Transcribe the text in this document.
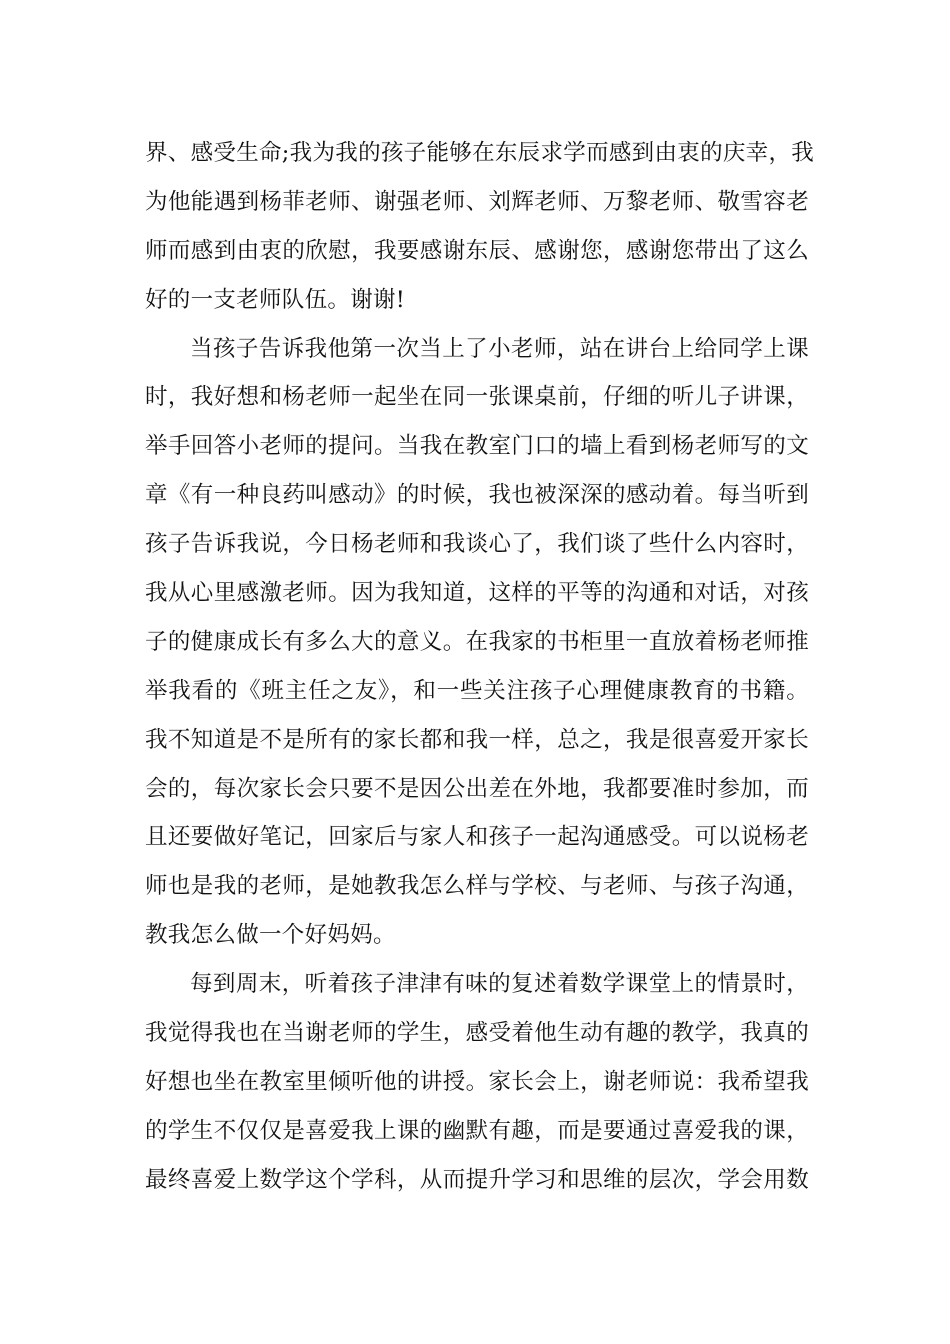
界、感受生命;我为我的孩子能够在东辰求学而感到由衷的庆幸，我
为他能遇到杨菲老师、谢强老师、刘辉老师、万黎老师、敬雪容老
师而感到由衷的欣慰，我要感谢东辰、感谢您，感谢您带出了这么
好的一支老师队伍。谢谢!
当孩子告诉我他第一次当上了小老师，站在讲台上给同学上课
时，我好想和杨老师一起坐在同一张课桌前，仔细的听儿子讲课，
举手回答小老师的提问。当我在教室门口的墙上看到杨老师写的文
章《有一种良药叫感动》的时候，我也被深深的感动着。每当听到
孩子告诉我说，今日杨老师和我谈心了，我们谈了些什么内容时，
我从心里感激老师。因为我知道，这样的平等的沟通和对话，对孩
子的健康成长有多么大的意义。在我家的书柜里一直放着杨老师推
举我看的《班主任之友》，和一些关注孩子心理健康教育的书籍。
我不知道是不是所有的家长都和我一样，总之，我是很喜爱开家长
会的，每次家长会只要不是因公出差在外地，我都要准时参加，而
且还要做好笔记，回家后与家人和孩子一起沟通感受。可以说杨老
师也是我的老师，是她教我怎么样与学校、与老师、与孩子沟通，
教我怎么做一个好妈妈。
每到周末，听着孩子津津有味的复述着数学课堂上的情景时，
我觉得我也在当谢老师的学生，感受着他生动有趣的教学，我真的
好想也坐在教室里倾听他的讲授。家长会上，谢老师说：我希望我
的学生不仅仅是喜爱我上课的幽默有趣，而是要通过喜爱我的课，
最终喜爱上数学这个学科，从而提升学习和思维的层次，学会用数
